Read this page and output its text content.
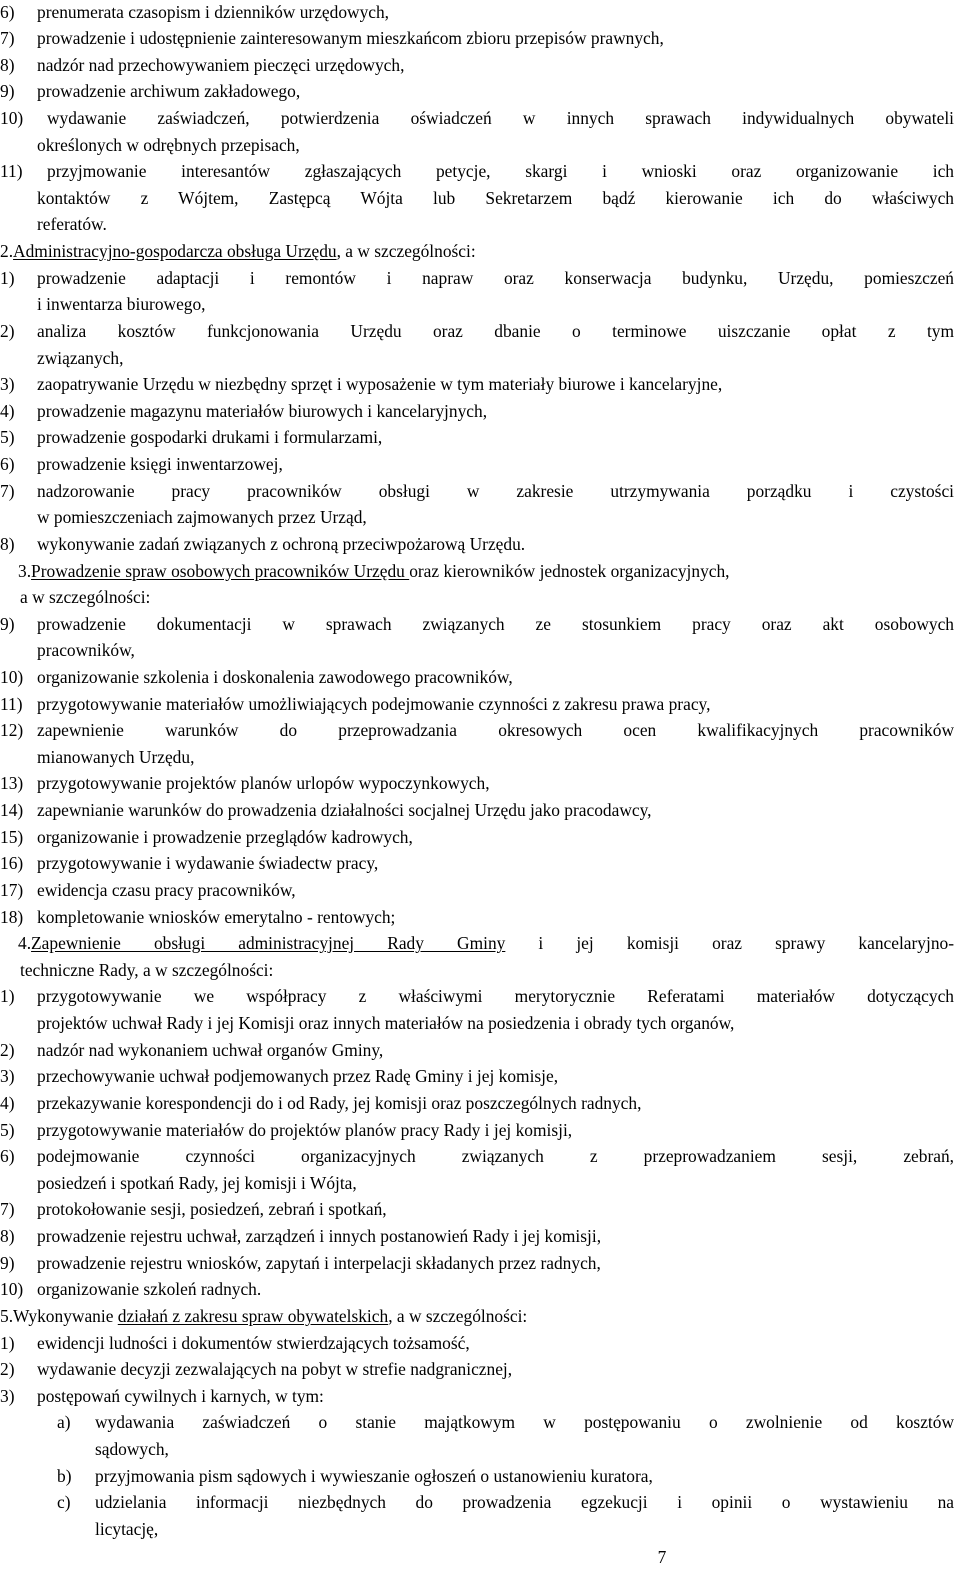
6) prenumerata czasopism i dzienników urzędowych,
7) prowadzenie i udostępnienie zainteresowanym mieszkańcom zbioru przepisów prawnych,
8) nadzór nad przechowywaniem pieczęci urzędowych,
9) prowadzenie archiwum zakładowego,
10) wydawanie zaświadczeń, potwierdzenia oświadczeń w innych sprawach indywidualnych obywateli
określonych w odrębnych przepisach,
11) przyjmowanie interesantów zgłaszających petycje, skargi i wnioski oraz organizowanie ich
kontaktów z Wójtem, Zastępcą Wójta lub Sekretarzem bądź kierowanie ich do właściwych
referatów.
2.Administracyjno-gospodarcza obsługa Urzędu, a w szczególności:
1) prowadzenie adaptacji i remontów i napraw oraz konserwacja budynku, Urzędu, pomieszczeń
i inwentarza biurowego,
2) analiza kosztów funkcjonowania Urzędu oraz dbanie o terminowe uiszczanie opłat z tym
związanych,
3) zaopatrywanie Urzędu w niezbędny sprzęt i wyposażenie w tym materiały biurowe i kancelaryjne,
4) prowadzenie magazynu materiałów biurowych i kancelaryjnych,
5) prowadzenie gospodarki drukami i formularzami,
6) prowadzenie księgi inwentarzowej,
7) nadzorowanie pracy pracowników obsługi w zakresie utrzymywania porządku i czystości
w pomieszczeniach zajmowanych przez Urząd,
8) wykonywanie zadań związanych z ochroną przeciwpożarową Urzędu.
3.Prowadzenie spraw osobowych pracowników Urzędu oraz kierowników jednostek organizacyjnych,
a w szczególności:
9) prowadzenie dokumentacji w sprawach związanych ze stosunkiem pracy oraz akt osobowych
pracowników,
10) organizowanie szkolenia i doskonalenia zawodowego pracowników,
11) przygotowywanie materiałów umożliwiających podejmowanie czynności z zakresu prawa pracy,
12) zapewnienie warunków do przeprowadzania okresowych ocen kwalifikacyjnych pracowników
mianowanych Urzędu,
13) przygotowywanie projektów planów urlopów wypoczynkowych,
14) zapewnianie warunków do prowadzenia działalności socjalnej Urzędu jako pracodawcy,
15) organizowanie i prowadzenie przeglądów kadrowych,
16) przygotowywanie i wydawanie świadectw pracy,
17) ewidencja czasu pracy pracowników,
18) kompletowanie wniosków emerytalno - rentowych;
4.Zapewnienie obsługi administracyjnej Rady Gminy i jej komisji oraz sprawy kancelaryjno-
techniczne Rady, a w szczególności:
1) przygotowywanie we współpracy z właściwymi merytorycznie Referatami materiałów dotyczących
projektów uchwał Rady i jej Komisji oraz innych materiałów na posiedzenia i obrady tych organów,
2) nadzór nad wykonaniem uchwał organów Gminy,
3) przechowywanie uchwał podjemowanych przez Radę Gminy i jej komisje,
4) przekazywanie korespondencji do i od Rady, jej komisji oraz poszczególnych radnych,
5) przygotowywanie materiałów do projektów planów pracy Rady i jej komisji,
6) podejmowanie czynności organizacyjnych związanych z przeprowadzaniem sesji, zebrań,
posiedzeń i spotkań Rady, jej komisji i Wójta,
7) protokołowanie sesji, posiedzeń, zebrań i spotkań,
8) prowadzenie rejestru uchwał, zarządzeń i innych postanowień Rady i jej komisji,
9) prowadzenie rejestru wniosków, zapytań i interpelacji składanych przez radnych,
10) organizowanie szkoleń radnych.
5.Wykonywanie działań z zakresu spraw obywatelskich, a w szczególności:
1) ewidencji ludności i dokumentów stwierdzających tożsamość,
2) wydawanie decyzji zezwalających na pobyt w strefie nadgranicznej,
3) postępowań cywilnych i karnych, w tym:
a) wydawania zaświadczeń o stanie majątkowym w postępowaniu o zwolnienie od kosztów
sądowych,
b) przyjmowania pism sądowych i wywieszanie ogłoszeń o ustanowieniu kuratora,
c) udzielania informacji niezbędnych do prowadzenia egzekucji i opinii o wystawieniu na
licytację,
7
